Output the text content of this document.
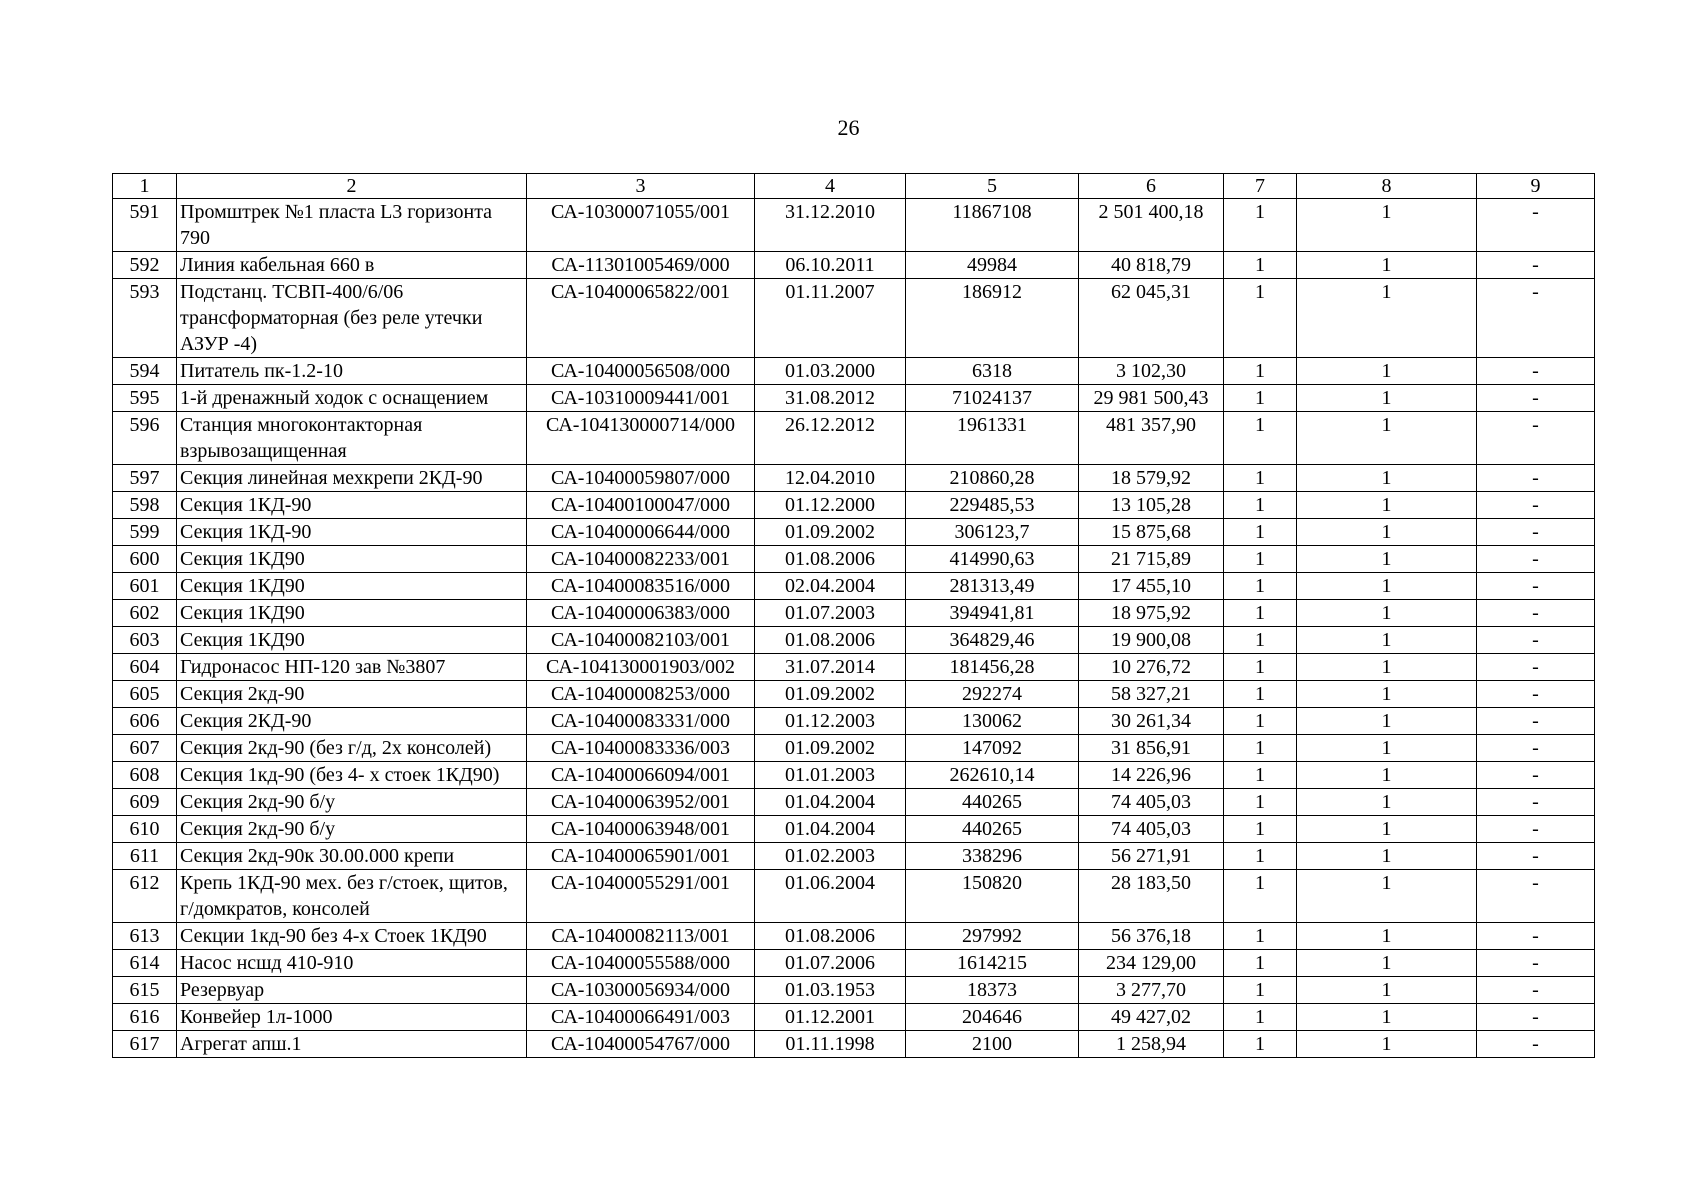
26
1	2	3	4	5	6	7	8	9
591	Промштрек №1 пласта L3 горизонта 790	СА-10300071055/001	31.12.2010	11867108	2 501 400,18	1	1	-
592	Линия кабельная 660 в	СА-11301005469/000	06.10.2011	49984	40 818,79	1	1	-
593	Подстанц. ТСВП-400/6/06 трансформаторная (без реле утечки АЗУР -4)	СА-10400065822/001	01.11.2007	186912	62 045,31	1	1	-
594	Питатель пк-1.2-10	СА-10400056508/000	01.03.2000	6318	3 102,30	1	1	-
595	1-й дренажный ходок с оснащением	СА-10310009441/001	31.08.2012	71024137	29 981 500,43	1	1	-
596	Станция многоконтакторная взрывозащищенная	СА-104130000714/000	26.12.2012	1961331	481 357,90	1	1	-
597	Секция линейная мехкрепи 2КД-90	СА-10400059807/000	12.04.2010	210860,28	18 579,92	1	1	-
598	Секция 1КД-90	СА-10400100047/000	01.12.2000	229485,53	13 105,28	1	1	-
599	Секция 1КД-90	СА-10400006644/000	01.09.2002	306123,7	15 875,68	1	1	-
600	Секция 1КД90	СА-10400082233/001	01.08.2006	414990,63	21 715,89	1	1	-
601	Секция 1КД90	СА-10400083516/000	02.04.2004	281313,49	17 455,10	1	1	-
602	Секция 1КД90	СА-10400006383/000	01.07.2003	394941,81	18 975,92	1	1	-
603	Секция 1КД90	СА-10400082103/001	01.08.2006	364829,46	19 900,08	1	1	-
604	Гидронасос НП-120 зав №3807	СА-104130001903/002	31.07.2014	181456,28	10 276,72	1	1	-
605	Секция 2кд-90	СА-10400008253/000	01.09.2002	292274	58 327,21	1	1	-
606	Секция 2КД-90	СА-10400083331/000	01.12.2003	130062	30 261,34	1	1	-
607	Секция 2кд-90 (без г/д, 2х консолей)	СА-10400083336/003	01.09.2002	147092	31 856,91	1	1	-
608	Секция 1кд-90 (без 4- х стоек 1КД90)	СА-10400066094/001	01.01.2003	262610,14	14 226,96	1	1	-
609	Секция 2кд-90 б/у	СА-10400063952/001	01.04.2004	440265	74 405,03	1	1	-
610	Секция 2кд-90 б/у	СА-10400063948/001	01.04.2004	440265	74 405,03	1	1	-
611	Секция 2кд-90к 30.00.000 крепи	СА-10400065901/001	01.02.2003	338296	56 271,91	1	1	-
612	Крепь 1КД-90 мех. без г/стоек, щитов, г/домкратов, консолей	СА-10400055291/001	01.06.2004	150820	28 183,50	1	1	-
613	Секции 1кд-90 без 4-х Стоек 1КД90	СА-10400082113/001	01.08.2006	297992	56 376,18	1	1	-
614	Насос нсшд 410-910	СА-10400055588/000	01.07.2006	1614215	234 129,00	1	1	-
615	Резервуар	СА-10300056934/000	01.03.1953	18373	3 277,70	1	1	-
616	Конвейер 1л-1000	СА-10400066491/003	01.12.2001	204646	49 427,02	1	1	-
617	Агрегат апш.1	СА-10400054767/000	01.11.1998	2100	1 258,94	1	1	-
